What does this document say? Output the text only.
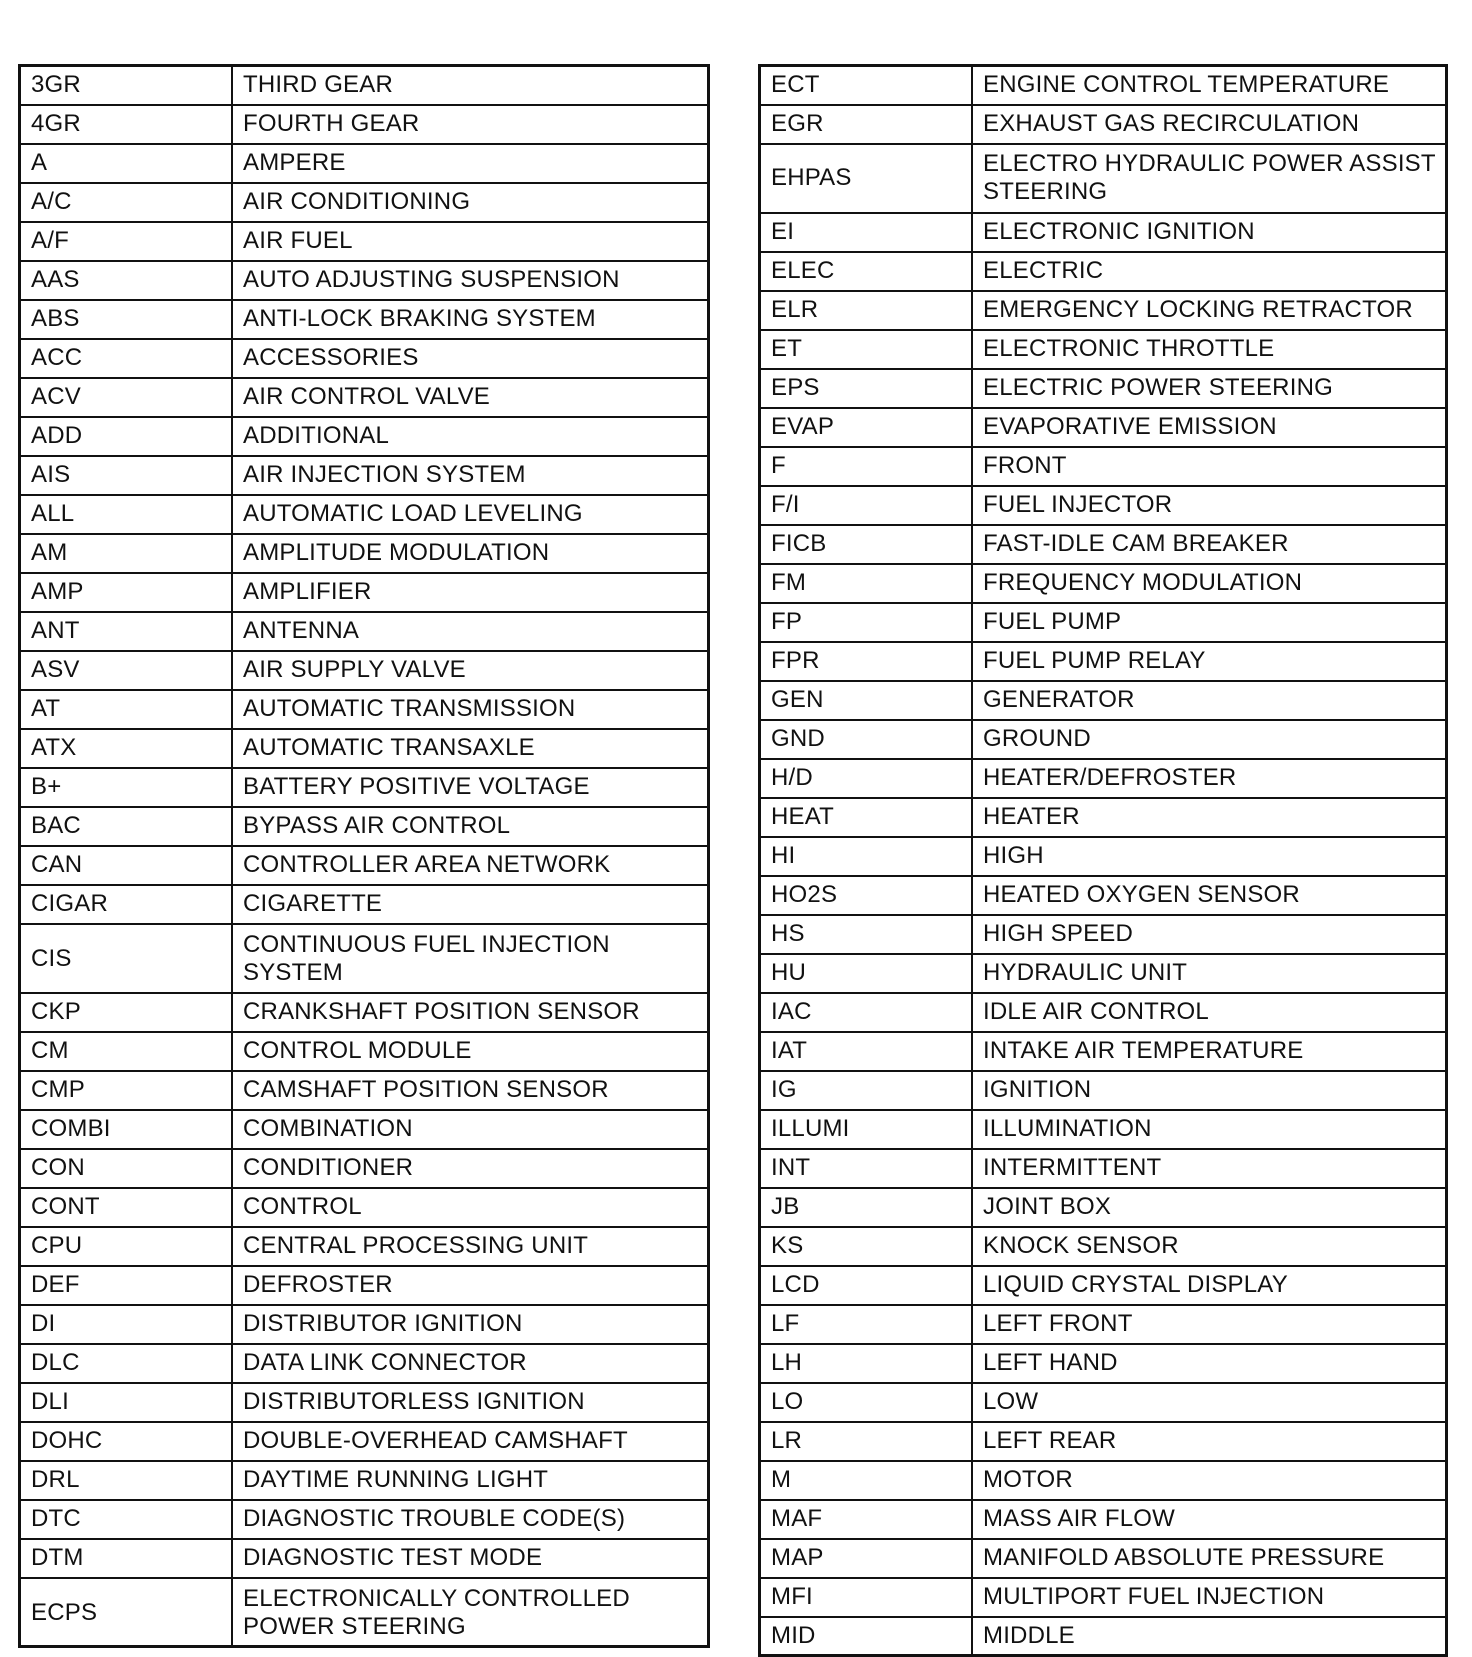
3GR	THIRD GEAR
4GR	FOURTH GEAR
A	AMPERE
A/C	AIR CONDITIONING
A/F	AIR FUEL
AAS	AUTO ADJUSTING SUSPENSION
ABS	ANTI-LOCK BRAKING SYSTEM
ACC	ACCESSORIES
ACV	AIR CONTROL VALVE
ADD	ADDITIONAL
AIS	AIR INJECTION SYSTEM
ALL	AUTOMATIC LOAD LEVELING
AM	AMPLITUDE MODULATION
AMP	AMPLIFIER
ANT	ANTENNA
ASV	AIR SUPPLY VALVE
AT	AUTOMATIC TRANSMISSION
ATX	AUTOMATIC TRANSAXLE
B+	BATTERY POSITIVE VOLTAGE
BAC	BYPASS AIR CONTROL
CAN	CONTROLLER AREA NETWORK
CIGAR	CIGARETTE
CIS	CONTINUOUS FUEL INJECTION SYSTEM
CKP	CRANKSHAFT POSITION SENSOR
CM	CONTROL MODULE
CMP	CAMSHAFT POSITION SENSOR
COMBI	COMBINATION
CON	CONDITIONER
CONT	CONTROL
CPU	CENTRAL PROCESSING UNIT
DEF	DEFROSTER
DI	DISTRIBUTOR IGNITION
DLC	DATA LINK CONNECTOR
DLI	DISTRIBUTORLESS IGNITION
DOHC	DOUBLE-OVERHEAD CAMSHAFT
DRL	DAYTIME RUNNING LIGHT
DTC	DIAGNOSTIC TROUBLE CODE(S)
DTM	DIAGNOSTIC TEST MODE
ECPS	ELECTRONICALLY CONTROLLED POWER STEERING
ECT	ENGINE CONTROL TEMPERATURE
EGR	EXHAUST GAS RECIRCULATION
EHPAS	ELECTRO HYDRAULIC POWER ASSIST STEERING
EI	ELECTRONIC IGNITION
ELEC	ELECTRIC
ELR	EMERGENCY LOCKING RETRACTOR
ET	ELECTRONIC THROTTLE
EPS	ELECTRIC POWER STEERING
EVAP	EVAPORATIVE EMISSION
F	FRONT
F/I	FUEL INJECTOR
FICB	FAST-IDLE CAM BREAKER
FM	FREQUENCY MODULATION
FP	FUEL PUMP
FPR	FUEL PUMP RELAY
GEN	GENERATOR
GND	GROUND
H/D	HEATER/DEFROSTER
HEAT	HEATER
HI	HIGH
HO2S	HEATED OXYGEN SENSOR
HS	HIGH SPEED
HU	HYDRAULIC UNIT
IAC	IDLE AIR CONTROL
IAT	INTAKE AIR TEMPERATURE
IG	IGNITION
ILLUMI	ILLUMINATION
INT	INTERMITTENT
JB	JOINT BOX
KS	KNOCK SENSOR
LCD	LIQUID CRYSTAL DISPLAY
LF	LEFT FRONT
LH	LEFT HAND
LO	LOW
LR	LEFT REAR
M	MOTOR
MAF	MASS AIR FLOW
MAP	MANIFOLD ABSOLUTE PRESSURE
MFI	MULTIPORT FUEL INJECTION
MID	MIDDLE
